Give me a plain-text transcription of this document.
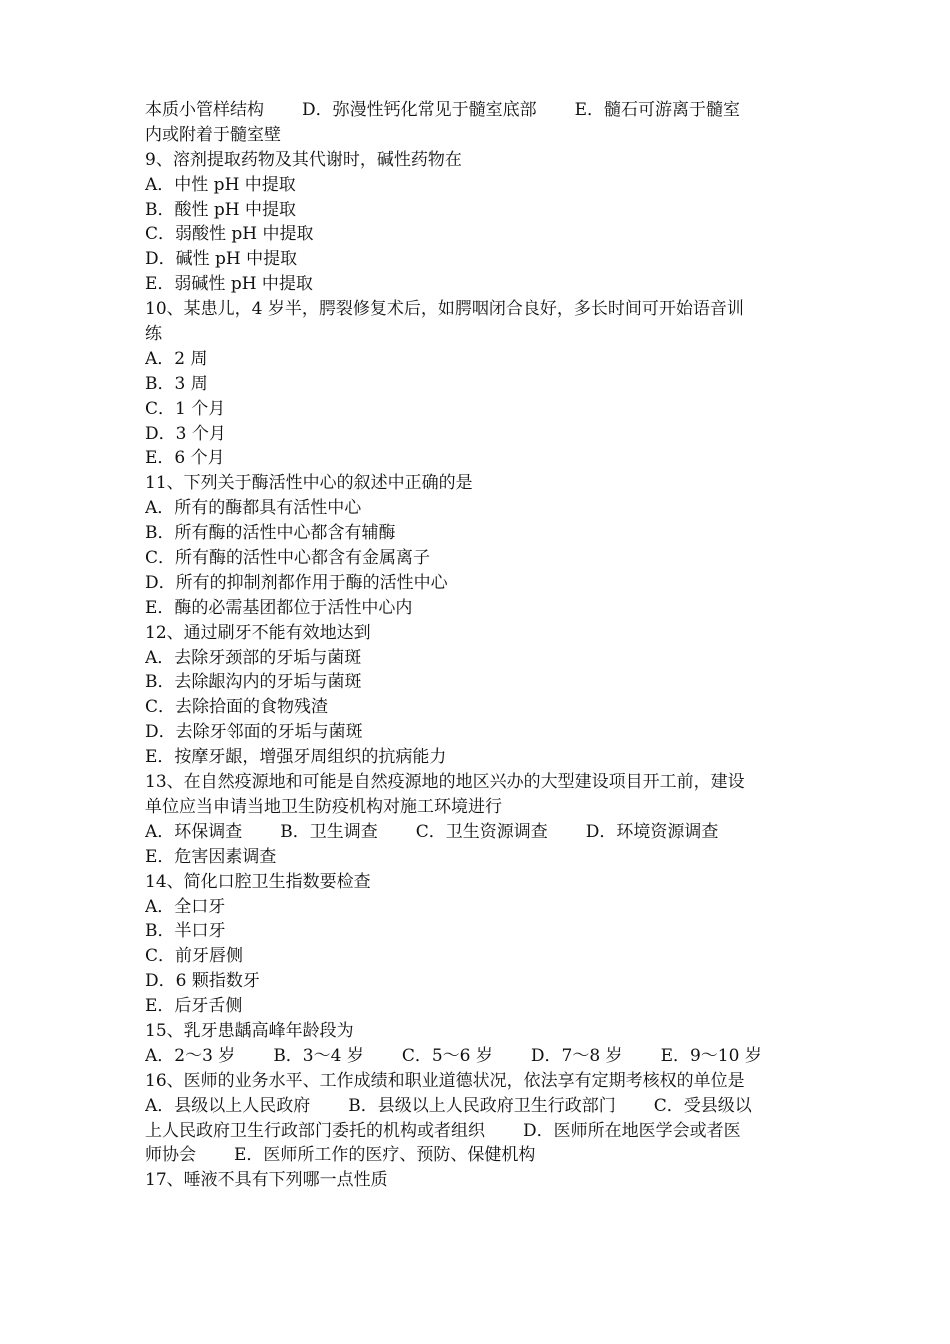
本质小管样结构 D．弥漫性钙化常见于髓室底部 E．髓石可游离于髓室
内或附着于髓室壁
9、溶剂提取药物及其代谢时，碱性药物在
A．中性 pH 中提取
B．酸性 pH 中提取
C．弱酸性 pH 中提取
D．碱性 pH 中提取
E．弱碱性 pH 中提取
10、某患儿，4 岁半，腭裂修复术后，如腭咽闭合良好，多长时间可开始语音训
练
A．2 周
B．3 周
C．1 个月
D．3 个月
E．6 个月
11、下列关于酶活性中心的叙述中正确的是
A．所有的酶都具有活性中心
B．所有酶的活性中心都含有辅酶
C．所有酶的活性中心都含有金属离子
D．所有的抑制剂都作用于酶的活性中心
E．酶的必需基团都位于活性中心内
12、通过刷牙不能有效地达到
A．去除牙颈部的牙垢与菌斑
B．去除龈沟内的牙垢与菌斑
C．去除拾面的食物残渣
D．去除牙邻面的牙垢与菌斑
E．按摩牙龈，增强牙周组织的抗病能力
13、在自然疫源地和可能是自然疫源地的地区兴办的大型建设项目开工前，建设
单位应当申请当地卫生防疫机构对施工环境进行
A．环保调查 B．卫生调查 C．卫生资源调查 D．环境资源调查
E．危害因素调查
14、简化口腔卫生指数要检查
A．全口牙
B．半口牙
C．前牙唇侧
D．6 颗指数牙
E．后牙舌侧
15、乳牙患龋高峰年龄段为
A．2～3 岁 B．3～4 岁 C．5～6 岁 D．7～8 岁 E．9～10 岁
16、医师的业务水平、工作成绩和职业道德状况，依法享有定期考核权的单位是
A．县级以上人民政府 B．县级以上人民政府卫生行政部门 C．受县级以
上人民政府卫生行政部门委托的机构或者组织 D．医师所在地医学会或者医
师协会 E．医师所工作的医疗、预防、保健机构
17、唾液不具有下列哪一点性质
